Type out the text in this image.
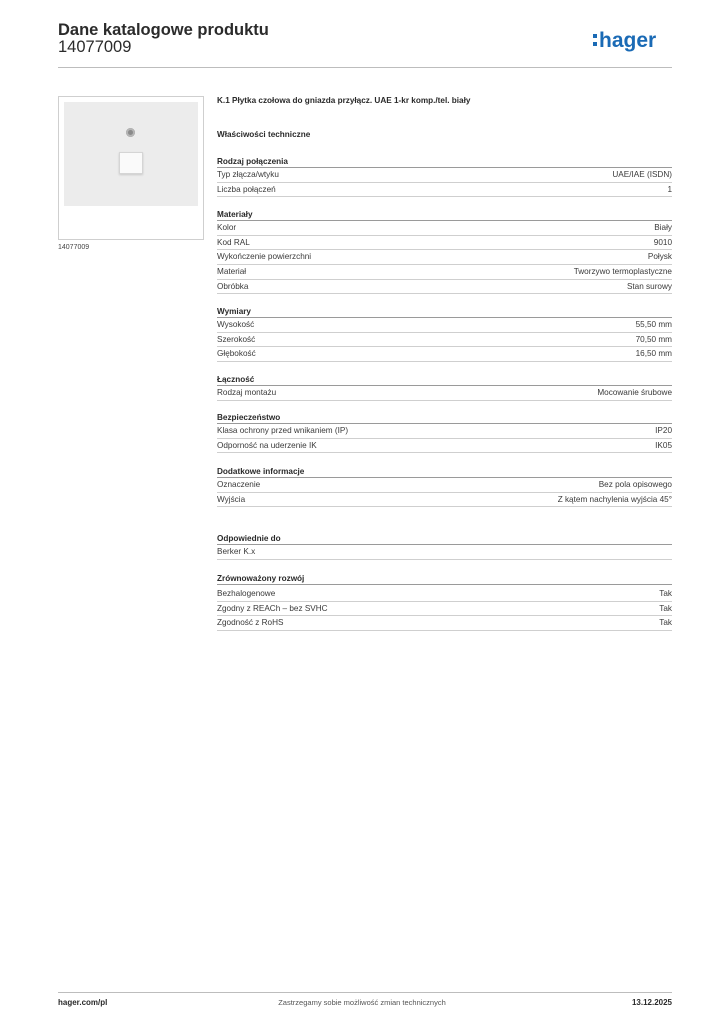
Dane katalogowe produktu
14077009	hager
14077009
K.1 Płytka czołowa do gniazda przyłącz. UAE 1-kr komp./tel. biały
Właściwości techniczne
Rodzaj połączenia
Typ złącza/wtyku	UAE/IAE (ISDN)
Liczba połączeń	1
Materiały
Kolor	Biały
Kod RAL	9010
Wykończenie powierzchni	Połysk
Materiał	Tworzywo termoplastyczne
Obróbka	Stan surowy
Wymiary
Wysokość	55,50 mm
Szerokość	70,50 mm
Głębokość	16,50 mm
Łączność
Rodzaj montażu	Mocowanie śrubowe
Bezpieczeństwo
Klasa ochrony przed wnikaniem (IP)	IP20
Odporność na uderzenie IK	IK05
Dodatkowe informacje
Oznaczenie	Bez pola opisowego
Wyjścia	Z kątem nachylenia wyjścia 45°
Odpowiednie do
Berker K.x
Zrównoważony rozwój
Bezhalogenowe	Tak
Zgodny z REACh – bez SVHC	Tak
Zgodność z RoHS	Tak
hager.com/pl	Zastrzegamy sobie możliwość zmian technicznych	13.12.2025
